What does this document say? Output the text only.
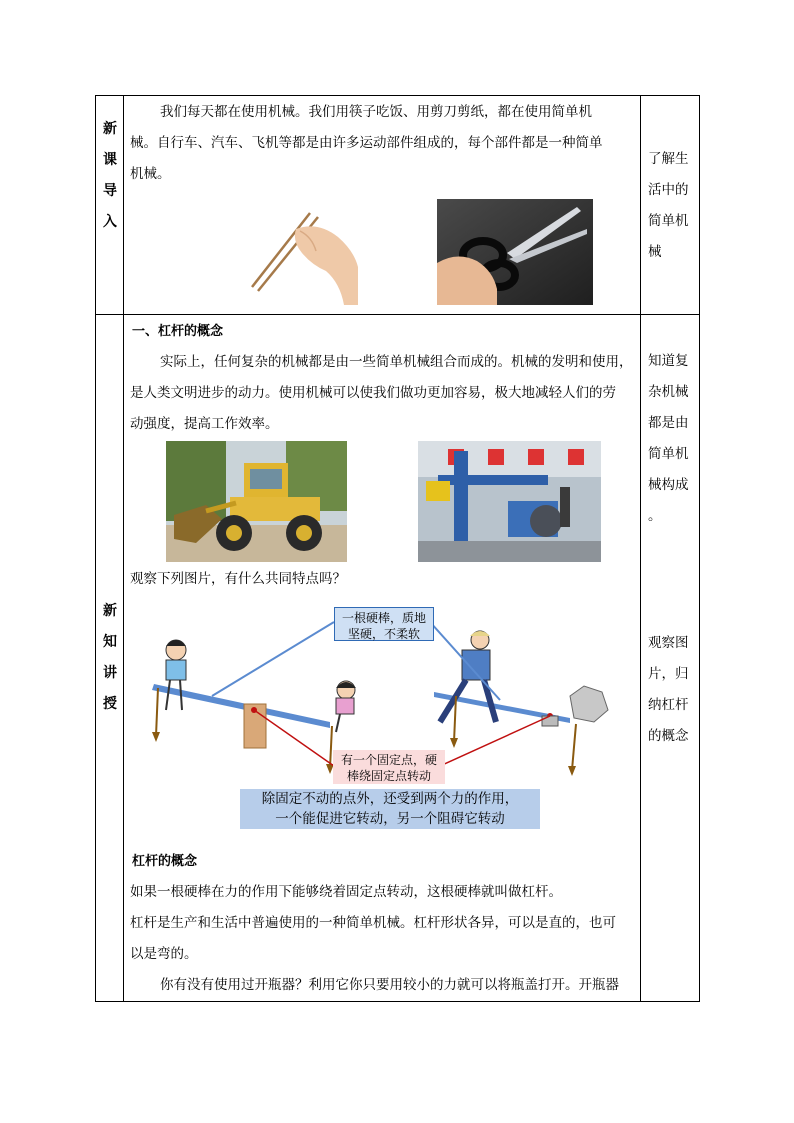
新
课
导
入
我们每天都在使用机械。我们用筷子吃饭、用剪刀剪纸，都在使用简单机
械。自行车、汽车、飞机等都是由许多运动部件组成的，每个部件都是一种简单
机械。
了解生
活中的
简单机
械
新
知
讲
授
一、杠杆的概念
实际上，任何复杂的机械都是由一些简单机械组合而成的。机械的发明和使用，
是人类文明进步的动力。使用机械可以使我们做功更加容易，极大地减轻人们的劳
动强度，提高工作效率。
观察下列图片，有什么共同特点吗？
一根硬棒，质地坚硬，不柔软
有一个固定点，硬棒绕固定点转动
除固定不动的点外，还受到两个力的作用，
一个能促进它转动，另一个阻碍它转动
杠杆的概念
如果一根硬棒在力的作用下能够绕着固定点转动，这根硬棒就叫做杠杆。
杠杆是生产和生活中普遍使用的一种简单机械。杠杆形状各异，可以是直的，也可
以是弯的。
你有没有使用过开瓶器？利用它你只要用较小的力就可以将瓶盖打开。开瓶器
知道复
杂机械
都是由
简单机
械构成
。
观察图
片，归
纳杠杆
的概念
